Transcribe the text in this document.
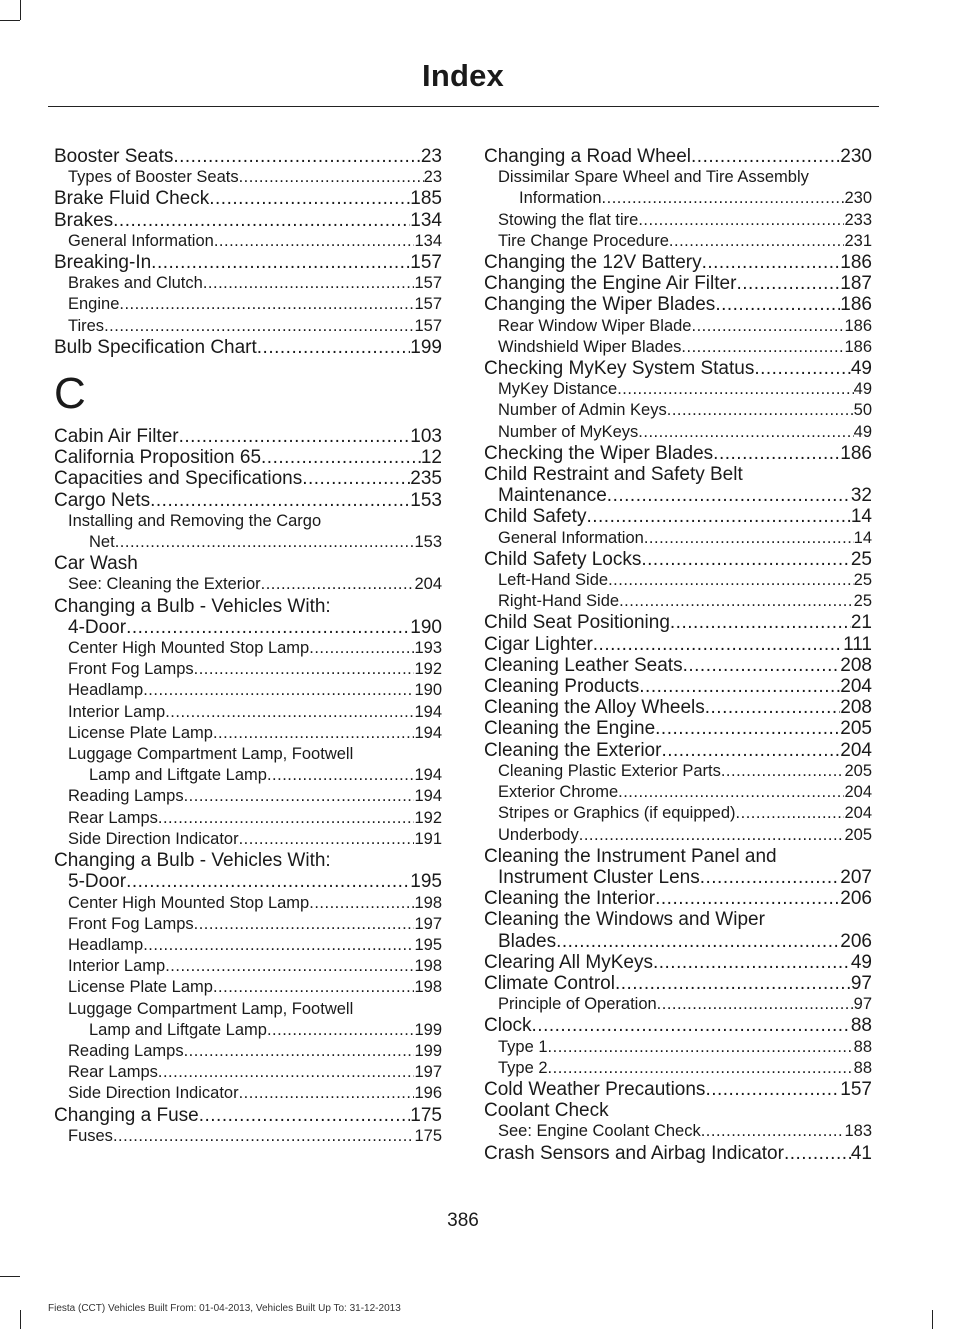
Index
Booster Seats .....	23
Types of Booster Seats .....	23
Brake Fluid Check .....	185
Brakes .....	134
General Information .....	134
Breaking-In .....	157
Brakes and Clutch .....	157
Engine .....	157
Tires .....	157
Bulb Specification Chart .....	199
C
Cabin Air Filter .....	103
California Proposition 65 .....	12
Capacities and Specifications .....	235
Cargo Nets .....	153
Installing and Removing the Cargo
Net .....	153
Car Wash
See: Cleaning the Exterior .....	204
Changing a Bulb - Vehicles With:
4-Door .....	190
Center High Mounted Stop Lamp .....	193
Front Fog Lamps .....	192
Headlamp .....	190
Interior Lamp .....	194
License Plate Lamp .....	194
Luggage Compartment Lamp, Footwell
Lamp and Liftgate Lamp .....	194
Reading Lamps .....	194
Rear Lamps .....	192
Side Direction Indicator .....	191
Changing a Bulb - Vehicles With:
5-Door .....	195
Center High Mounted Stop Lamp .....	198
Front Fog Lamps .....	197
Headlamp .....	195
Interior Lamp .....	198
License Plate Lamp .....	198
Luggage Compartment Lamp, Footwell
Lamp and Liftgate Lamp .....	199
Reading Lamps .....	199
Rear Lamps .....	197
Side Direction Indicator .....	196
Changing a Fuse .....	175
Fuses .....	175
Changing a Road Wheel .....	230
Dissimilar Spare Wheel and Tire Assembly
Information .....	230
Stowing the flat tire .....	233
Tire Change Procedure .....	231
Changing the 12V Battery .....	186
Changing the Engine Air Filter .....	187
Changing the Wiper Blades .....	186
Rear Window Wiper Blade .....	186
Windshield Wiper Blades .....	186
Checking MyKey System Status .....	49
MyKey Distance .....	49
Number of Admin Keys .....	50
Number of MyKeys .....	49
Checking the Wiper Blades .....	186
Child Restraint and Safety Belt
Maintenance .....	32
Child Safety .....	14
General Information .....	14
Child Safety Locks .....	25
Left-Hand Side .....	25
Right-Hand Side .....	25
Child Seat Positioning .....	21
Cigar Lighter .....	111
Cleaning Leather Seats .....	208
Cleaning Products .....	204
Cleaning the Alloy Wheels .....	208
Cleaning the Engine .....	205
Cleaning the Exterior .....	204
Cleaning Plastic Exterior Parts .....	205
Exterior Chrome .....	204
Stripes or Graphics (if equipped) .....	204
Underbody .....	205
Cleaning the Instrument Panel and
Instrument Cluster Lens .....	207
Cleaning the Interior .....	206
Cleaning the Windows and Wiper
Blades .....	206
Clearing All MyKeys .....	49
Climate Control .....	97
Principle of Operation .....	97
Clock .....	88
Type 1 .....	88
Type 2 .....	88
Cold Weather Precautions .....	157
Coolant Check
See: Engine Coolant Check .....	183
Crash Sensors and Airbag Indicator .....	41
386
Fiesta (CCT) Vehicles Built From: 01-04-2013, Vehicles Built Up To: 31-12-2013
